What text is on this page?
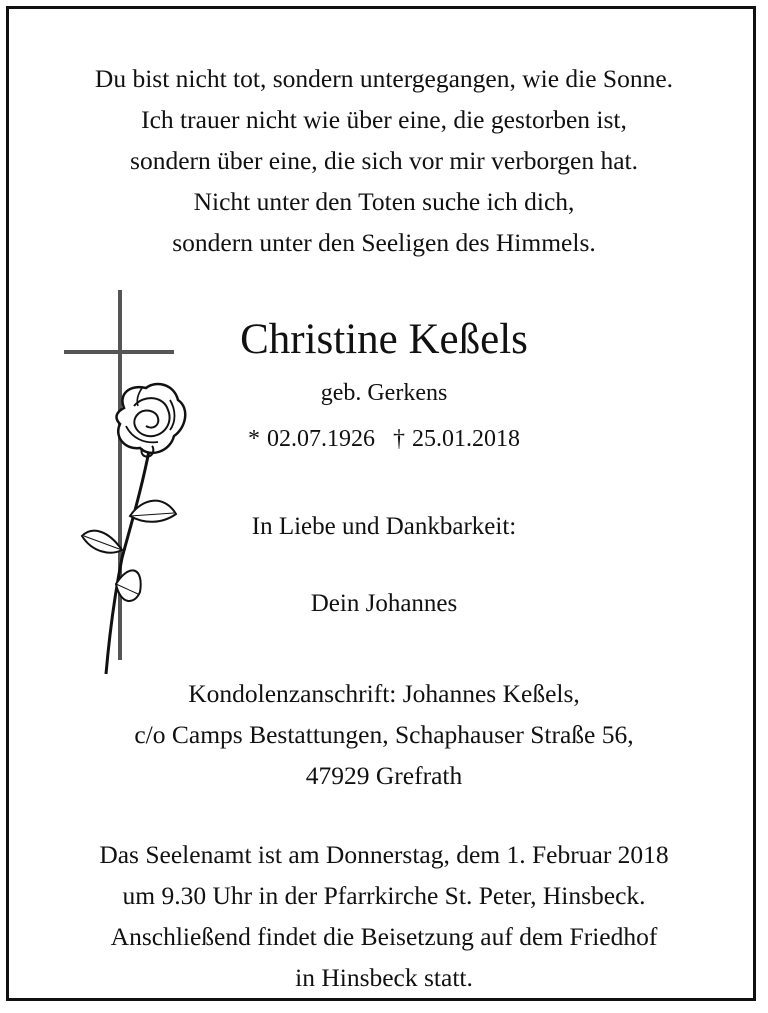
Du bist nicht tot, sondern untergegangen, wie die Sonne.
Ich trauer nicht wie über eine, die gestorben ist,
sondern über eine, die sich vor mir verborgen hat.
Nicht unter den Toten suche ich dich,
sondern unter den Seeligen des Himmels.
Christine Keßels
geb. Gerkens
* 02.07.1926 † 25.01.2018
In Liebe und Dankbarkeit:
Dein Johannes
Kondolenzanschrift: Johannes Keßels,
c/o Camps Bestattungen, Schaphauser Straße 56,
47929 Grefrath
Das Seelenamt ist am Donnerstag, dem 1. Februar 2018
um 9.30 Uhr in der Pfarrkirche St. Peter, Hinsbeck.
Anschließend findet die Beisetzung auf dem Friedhof
in Hinsbeck statt.
